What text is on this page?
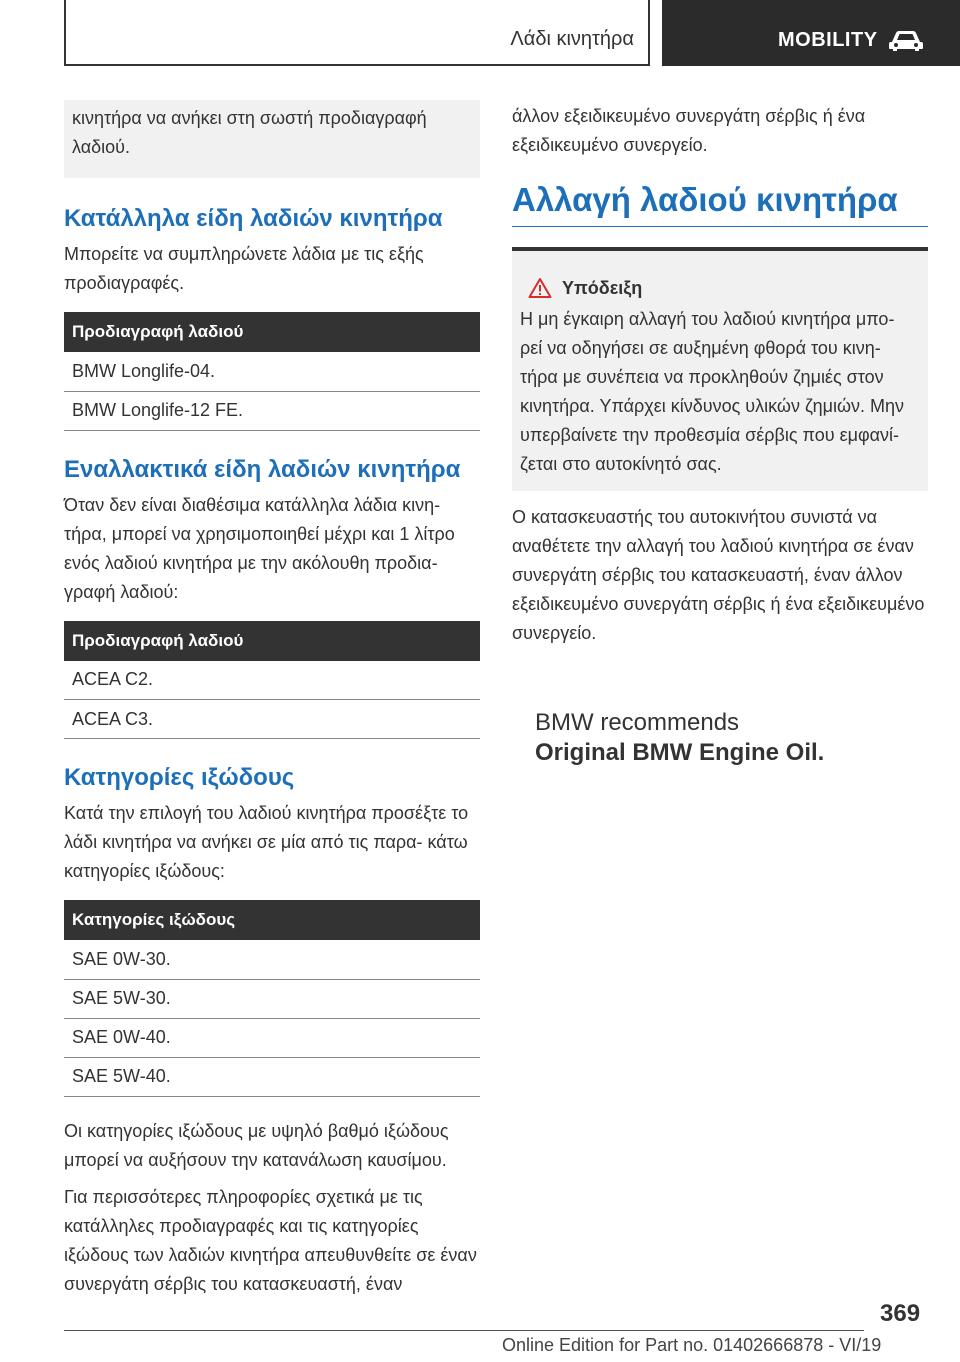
Λάδι κινητήρα	MOBILITY
κινητήρα να ανήκει στη σωστή προδιαγραφή λαδιού.
Κατάλληλα είδη λαδιών κινητήρα
Μπορείτε να συμπληρώνετε λάδια με τις εξής προδιαγραφές.
Προδιαγραφή λαδιού
BMW Longlife-04.
BMW Longlife-12 FE.
Εναλλακτικά είδη λαδιών κινητήρα
Όταν δεν είναι διαθέσιμα κατάλληλα λάδια κινη- τήρα, μπορεί να χρησιμοποιηθεί μέχρι και 1 λίτρο ενός λαδιού κινητήρα με την ακόλουθη προδια- γραφή λαδιού:
Προδιαγραφή λαδιού
ACEA C2.
ACEA C3.
Κατηγορίες ιξώδους
Κατά την επιλογή του λαδιού κινητήρα προσέξτε το λάδι κινητήρα να ανήκει σε μία από τις παρα- κάτω κατηγορίες ιξώδους:
Κατηγορίες ιξώδους
SAE 0W-30.
SAE 5W-30.
SAE 0W-40.
SAE 5W-40.
Οι κατηγορίες ιξώδους με υψηλό βαθμό ιξώδους μπορεί να αυξήσουν την κατανάλωση καυσίμου.
Για περισσότερες πληροφορίες σχετικά με τις κατάλληλες προδιαγραφές και τις κατηγορίες ιξώδους των λαδιών κινητήρα απευθυνθείτε σε έναν συνεργάτη σέρβις του κατασκευαστή, έναν
άλλον εξειδικευμένο συνεργάτη σέρβις ή ένα εξειδικευμένο συνεργείο.
Αλλαγή λαδιού κινητήρα
Υπόδειξη
Η μη έγκαιρη αλλαγή του λαδιού κινητήρα μπο- ρεί να οδηγήσει σε αυξημένη φθορά του κινη- τήρα με συνέπεια να προκληθούν ζημιές στον κινητήρα. Υπάρχει κίνδυνος υλικών ζημιών. Μην υπερβαίνετε την προθεσμία σέρβις που εμφανί- ζεται στο αυτοκίνητό σας.
Ο κατασκευαστής του αυτοκινήτου συνιστά να αναθέτετε την αλλαγή του λαδιού κινητήρα σε έναν συνεργάτη σέρβις του κατασκευαστή, έναν άλλον εξειδικευμένο συνεργάτη σέρβις ή ένα εξειδικευμένο συνεργείο.
BMW recommends
Original BMW Engine Oil.
369
Online Edition for Part no. 01402666878 - VI/19
